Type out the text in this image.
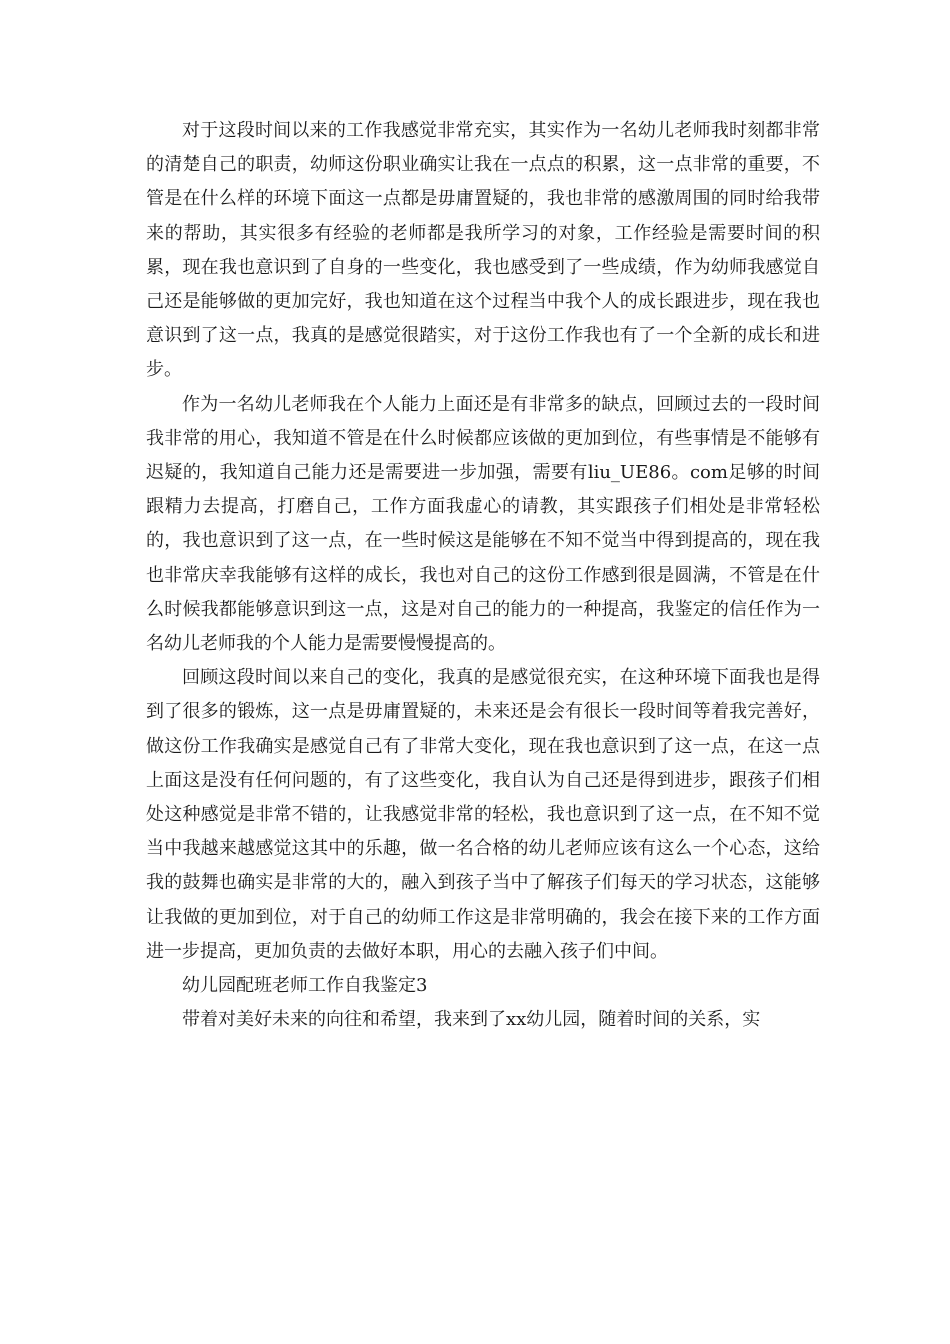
对于这段时间以来的工作我感觉非常充实，其实作为一名幼儿老师我时刻都非常的清楚自己的职责，幼师这份职业确实让我在一点点的积累，这一点非常的重要，不管是在什么样的环境下面这一点都是毋庸置疑的，我也非常的感激周围的同时给我带来的帮助，其实很多有经验的老师都是我所学习的对象，工作经验是需要时间的积累，现在我也意识到了自身的一些变化，我也感受到了一些成绩，作为幼师我感觉自己还是能够做的更加完好，我也知道在这个过程当中我个人的成长跟进步，现在我也意识到了这一点，我真的是感觉很踏实，对于这份工作我也有了一个全新的成长和进步。

作为一名幼儿老师我在个人能力上面还是有非常多的缺点，回顾过去的一段时间我非常的用心，我知道不管是在什么时候都应该做的更加到位，有些事情是不能够有迟疑的，我知道自己能力还是需要进一步加强，需要有liu_UE86。com足够的时间跟精力去提高，打磨自己，工作方面我虚心的请教，其实跟孩子们相处是非常轻松的，我也意识到了这一点，在一些时候这是能够在不知不觉当中得到提高的，现在我也非常庆幸我能够有这样的成长，我也对自己的这份工作感到很是圆满，不管是在什么时候我都能够意识到这一点，这是对自己的能力的一种提高，我鉴定的信任作为一名幼儿老师我的个人能力是需要慢慢提高的。

回顾这段时间以来自己的变化，我真的是感觉很充实，在这种环境下面我也是得到了很多的锻炼，这一点是毋庸置疑的，未来还是会有很长一段时间等着我完善好，做这份工作我确实是感觉自己有了非常大变化，现在我也意识到了这一点，在这一点上面这是没有任何问题的，有了这些变化，我自认为自己还是得到进步，跟孩子们相处这种感觉是非常不错的，让我感觉非常的轻松，我也意识到了这一点，在不知不觉当中我越来越感觉这其中的乐趣，做一名合格的幼儿老师应该有这么一个心态，这给我的鼓舞也确实是非常的大的，融入到孩子当中了解孩子们每天的学习状态，这能够让我做的更加到位，对于自己的幼师工作这是非常明确的，我会在接下来的工作方面进一步提高，更加负责的去做好本职，用心的去融入孩子们中间。

幼儿园配班老师工作自我鉴定3

带着对美好未来的向往和希望，我来到了xx幼儿园，随着时间的关系，实
